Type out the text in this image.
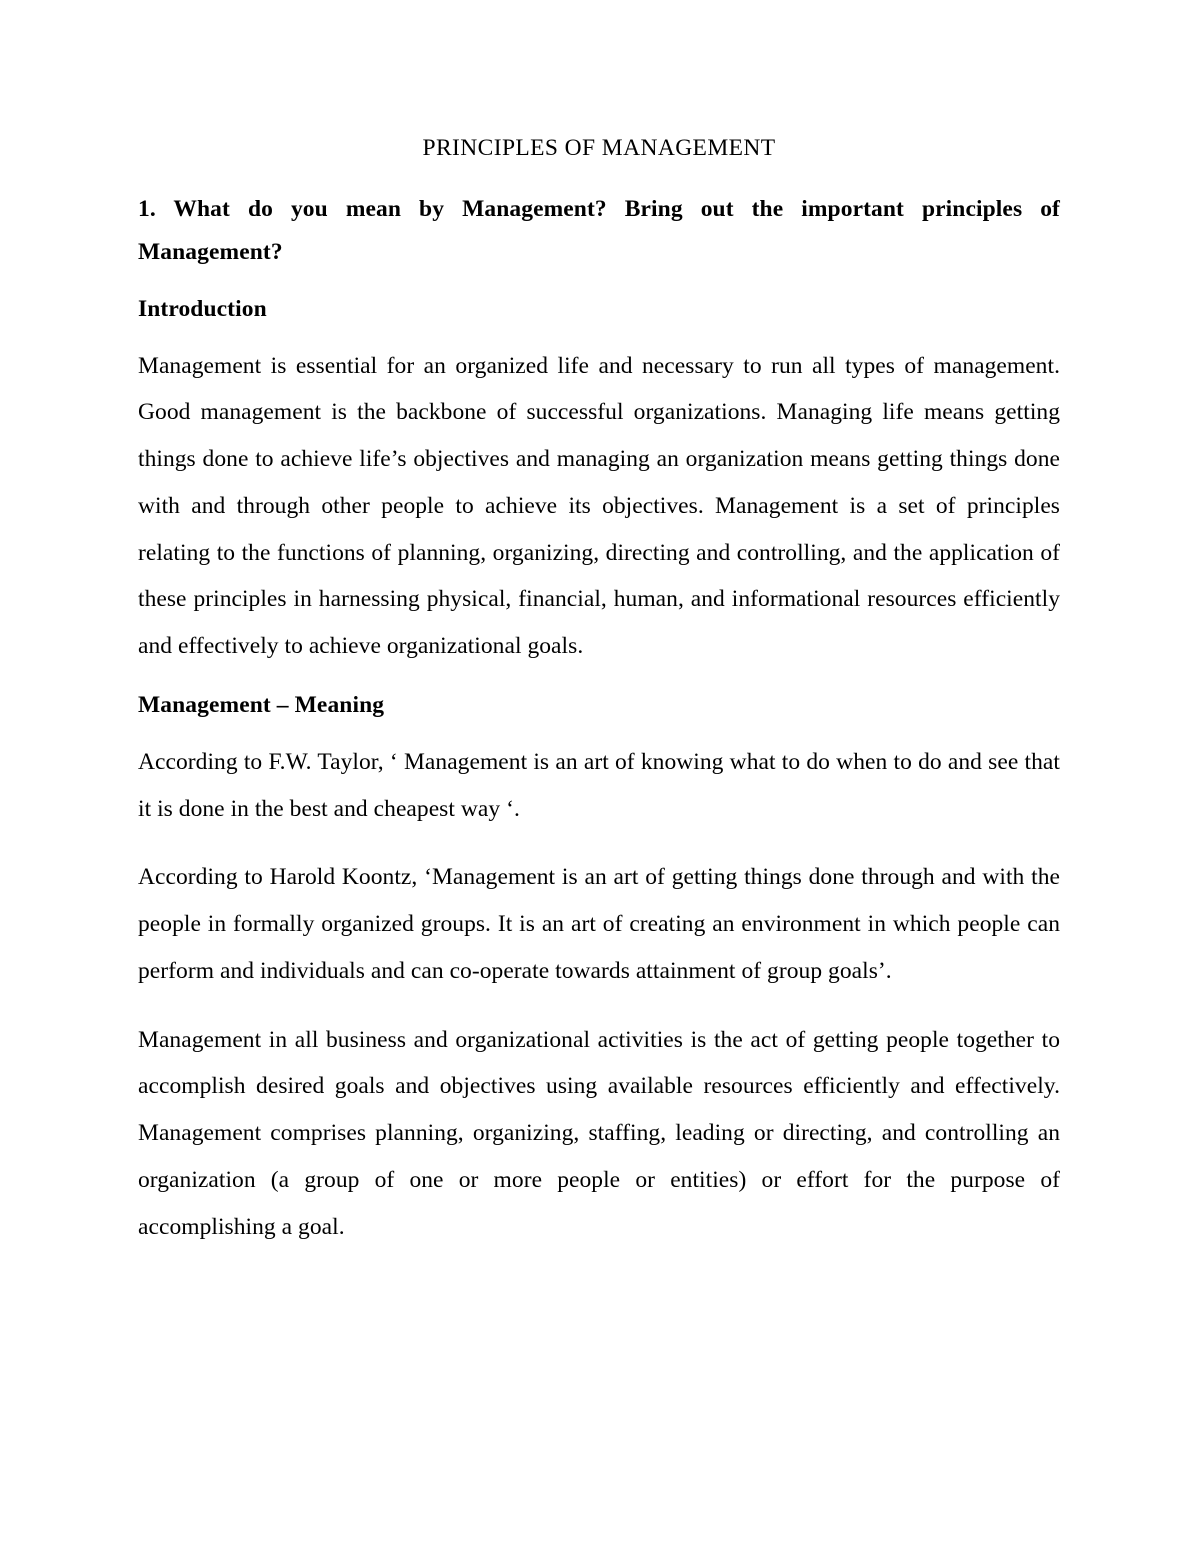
PRINCIPLES OF MANAGEMENT
1. What do you mean by Management? Bring out the important principles of Management?
Introduction

Management is essential for an organized life and necessary to run all types of management. Good management is the backbone of successful organizations. Managing life means getting things done to achieve life’s objectives and managing an organization means getting things done with and through other people to achieve its objectives. Management is a set of principles relating to the functions of planning, organizing, directing and controlling, and the application of these principles in harnessing physical, financial, human, and informational resources efficiently and effectively to achieve organizational goals.

Management – Meaning

According to F.W. Taylor, ‘ Management is an art of knowing what to do when to do and see that it is done in the best and cheapest way ‘.

According to Harold Koontz, ‘Management is an art of getting things done through and with the people in formally organized groups. It is an art of creating an environment in which people can perform and individuals and can co-operate towards attainment of group goals’.

Management in all business and organizational activities is the act of getting people together to accomplish desired goals and objectives using available resources efficiently and effectively. Management comprises planning, organizing, staffing, leading or directing, and controlling an organization (a group of one or more people or entities) or effort for the purpose of accomplishing a goal.
